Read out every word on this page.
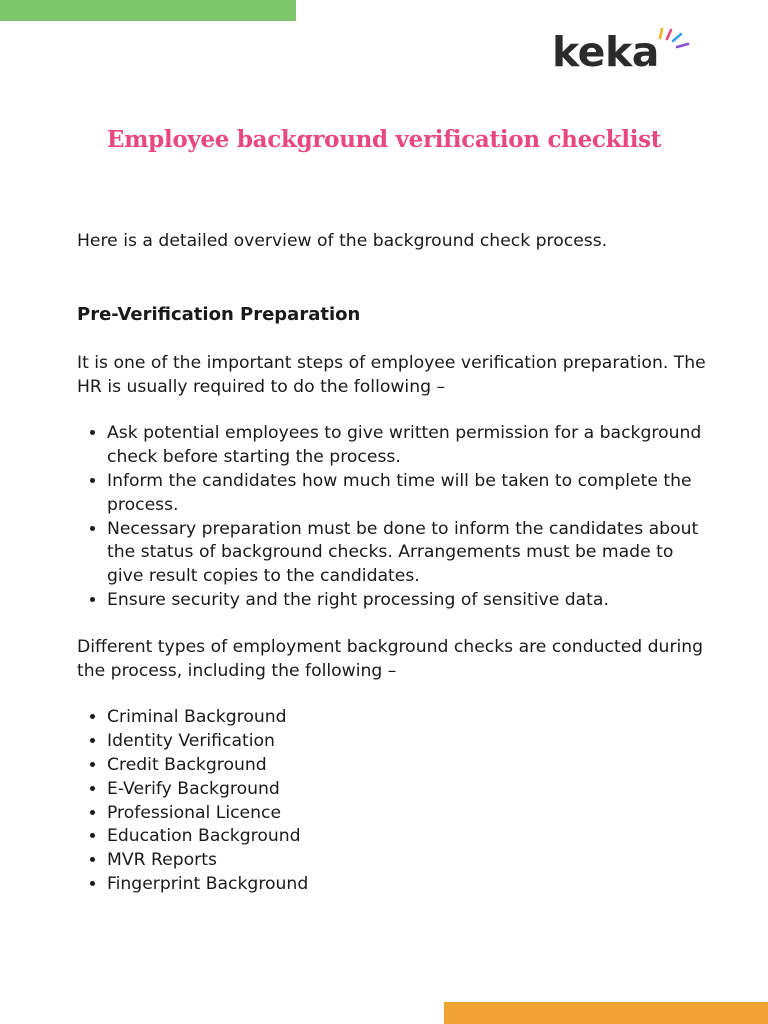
keka
Employee background verification checklist

Here is a detailed overview of the background check process.

Pre-Verification Preparation

It is one of the important steps of employee verification preparation. The HR is usually required to do the following –

• Ask potential employees to give written permission for a background check before starting the process.
• Inform the candidates how much time will be taken to complete the process.
• Necessary preparation must be done to inform the candidates about the status of background checks. Arrangements must be made to give result copies to the candidates.
• Ensure security and the right processing of sensitive data.

Different types of employment background checks are conducted during the process, including the following –

• Criminal Background
• Identity Verification
• Credit Background
• E-Verify Background
• Professional Licence
• Education Background
• MVR Reports
• Fingerprint Background
